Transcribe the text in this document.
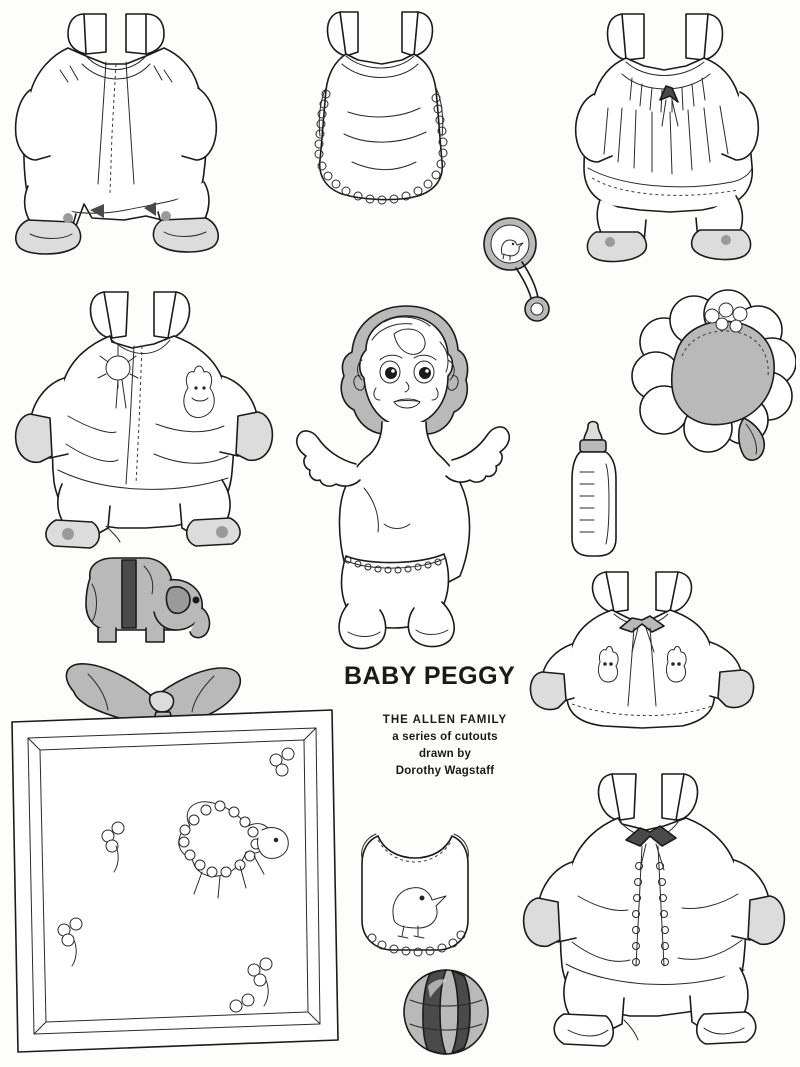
BABY PEGGY
THE ALLEN FAMILY
a series of cutouts
drawn by
Dorothy Wagstaff
